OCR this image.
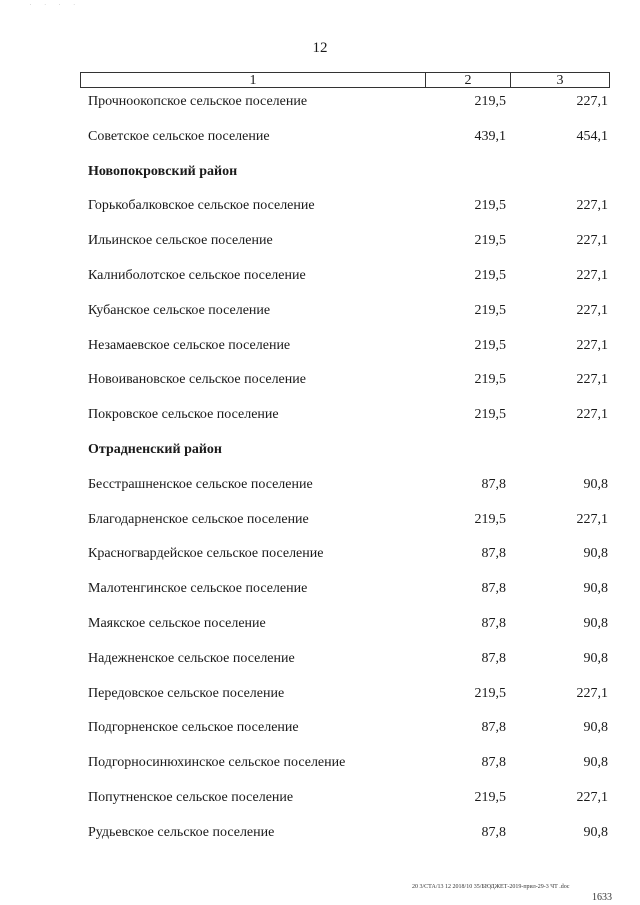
. . . .
12
1	2	3
Прочноокопское сельское поселение	219,5	227,1
Советское сельское поселение	439,1	454,1
Новопокровский район
Горькобалковское сельское поселение	219,5	227,1
Ильинское сельское поселение	219,5	227,1
Калниболотское сельское поселение	219,5	227,1
Кубанское сельское поселение	219,5	227,1
Незамаевское сельское поселение	219,5	227,1
Новоивановское сельское поселение	219,5	227,1
Покровское сельское поселение	219,5	227,1
Отрадненский район
Бесстрашненское сельское поселение	87,8	90,8
Благодарненское сельское поселение	219,5	227,1
Красногвардейское сельское поселение	87,8	90,8
Малотенгинское сельское поселение	87,8	90,8
Маякское сельское поселение	87,8	90,8
Надежненское сельское поселение	87,8	90,8
Передовское сельское поселение	219,5	227,1
Подгорненское сельское поселение	87,8	90,8
Подгорносинюхинское сельское поселение	87,8	90,8
Попутненское сельское поселение	219,5	227,1
Рудьевское сельское поселение	87,8	90,8
20 3/СТА/13 12 2018/10 35/БЮДЖЕТ-2019-прил-29-3 ЧТ .doc
1633
